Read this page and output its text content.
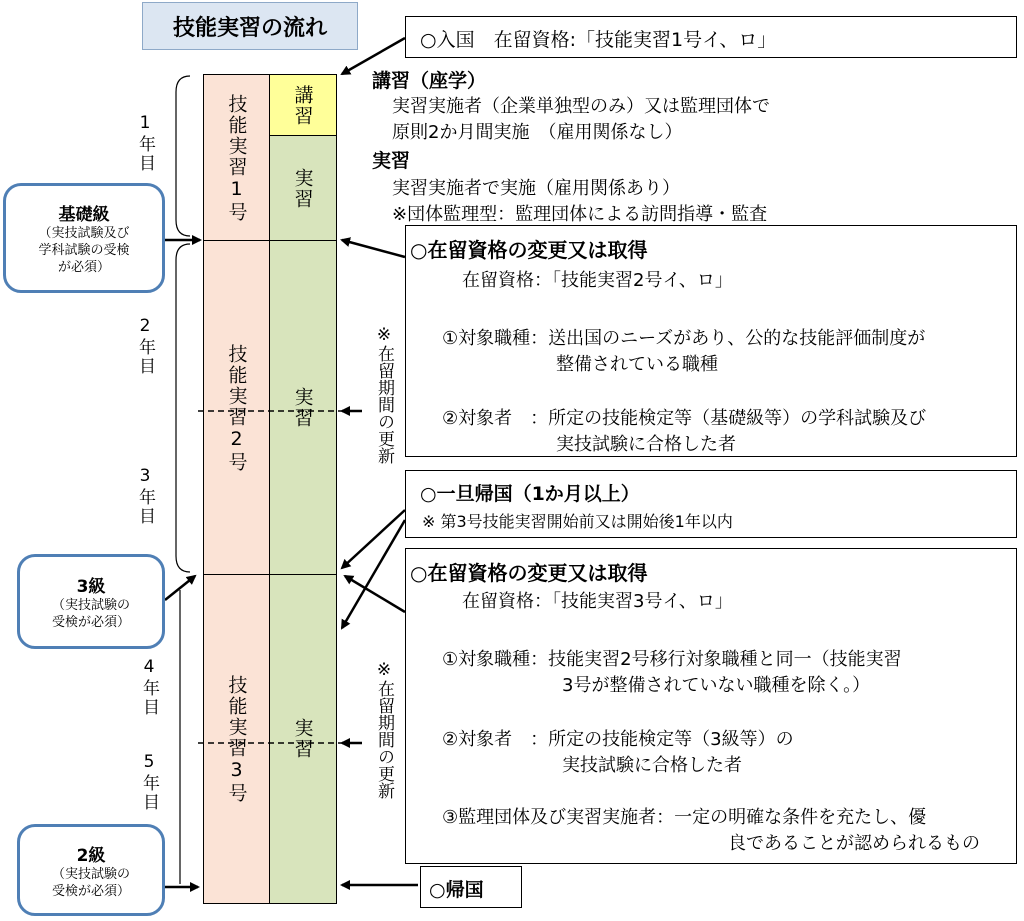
技能実習の流れ
技能実習1号 講習
実習
技能実習2号 実習
技能実習3号 実習
1年目
2年目
3年目
4年目
5年目
基礎級
（実技試験及び
学科試験の受検
が必須）
3級
（実技試験の
受検が必須）
2級
（実技試験の
受検が必須）
○入国　在留資格:「技能実習1号イ、ロ」
講習（座学）
実習実施者（企業単独型のみ）又は監理団体で
原則2か月間実施　（雇用関係なし）
実習
実習実施者で実施（雇用関係あり）
※団体監理型：監理団体による訪問指導・監査
○在留資格の変更又は取得
在留資格：「技能実習2号イ、ロ」
①対象職種：送出国のニーズがあり、公的な技能評価制度が
整備されている職種
②対象者　：所定の技能検定等（基礎級等）の学科試験及び
実技試験に合格した者
※在留期間の更新
○一旦帰国（1か月以上）
※ 第3号技能実習開始前又は開始後1年以内
○在留資格の変更又は取得
在留資格：「技能実習3号イ、ロ」
①対象職種：技能実習2号移行対象職種と同一（技能実習
3号が整備されていない職種を除く。）
②対象者　：所定の技能検定等（3級等）の
実技試験に合格した者
③監理団体及び実習実施者：一定の明確な条件を充たし、優
良であることが認められるもの
※在留期間の更新
○帰国
